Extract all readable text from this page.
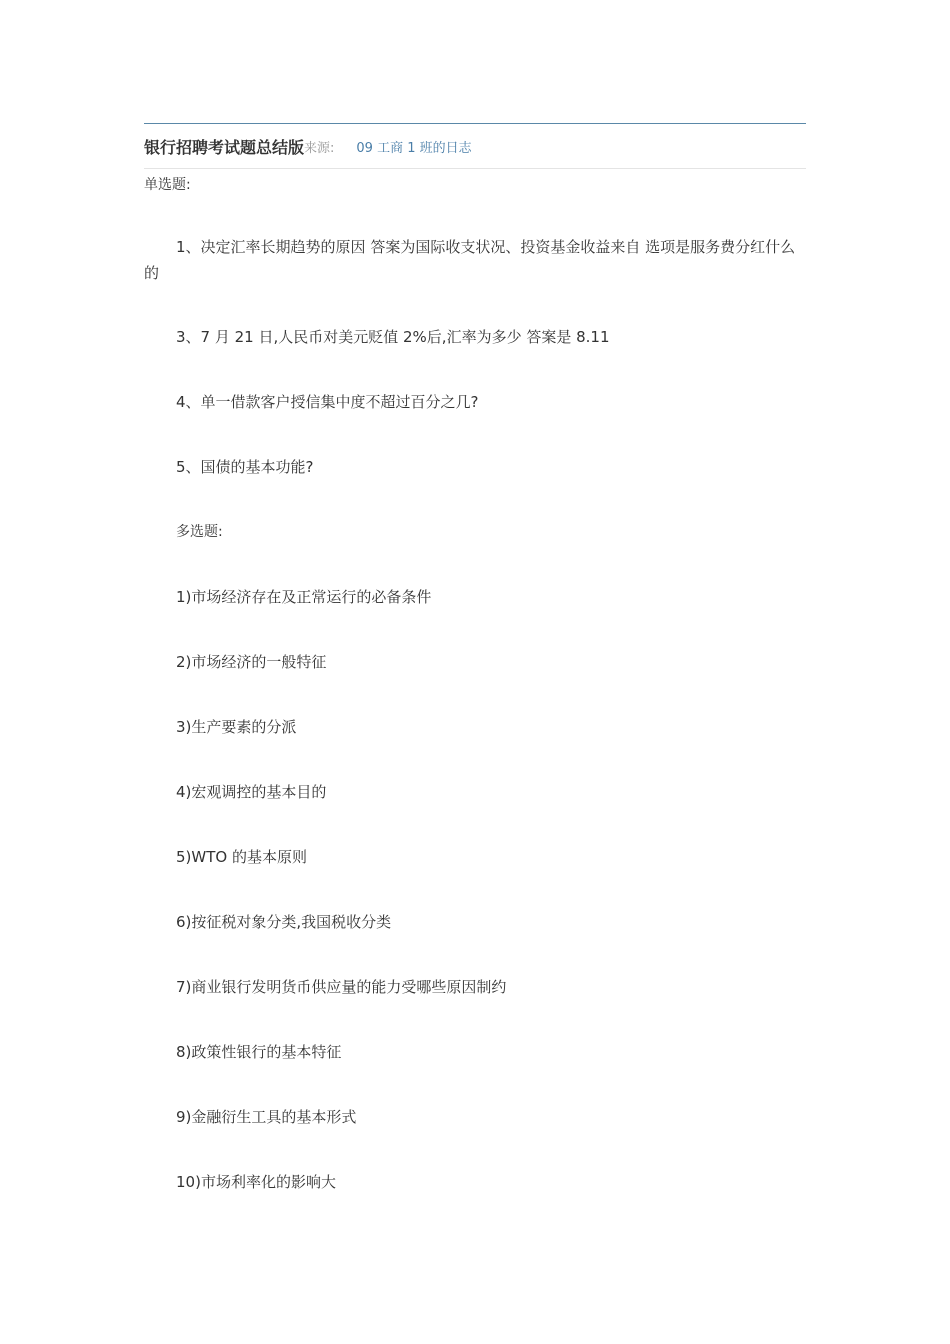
银行招聘考试题总结版 来源: 09 工商 1 班的日志
单选题:
1、决定汇率长期趋势的原因 答案为国际收支状况、投资基金收益来自 选项是服务费分红什么的
3、7 月 21 日,人民币对美元贬值 2%后,汇率为多少 答案是 8.11
4、单一借款客户授信集中度不超过百分之几?
5、国债的基本功能?
多选题:
1)市场经济存在及正常运行的必备条件
2)市场经济的一般特征
3)生产要素的分派
4)宏观调控的基本目的
5)WTO 的基本原则
6)按征税对象分类,我国税收分类
7)商业银行发明货币供应量的能力受哪些原因制约
8)政策性银行的基本特征
9)金融衍生工具的基本形式
10)市场利率化的影响大
